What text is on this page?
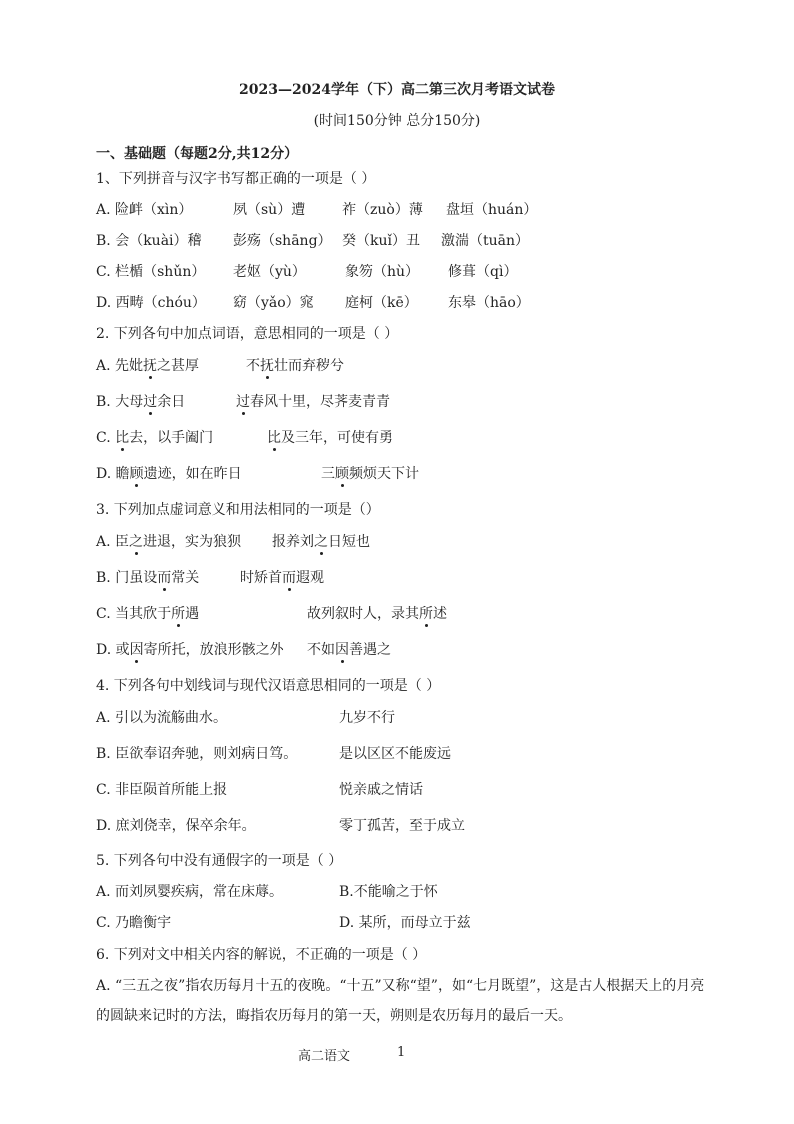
2023—2024学年（下）高二第三次月考语文试卷
(时间150分钟 总分150分)
一、基础题（每题2分,共12分）
1、下列拼音与汉字书写都正确的一项是（ ）
A. 险衅（xìn）	夙（sù）遭	祚（zuò）薄 盘垣（huán）
B. 会（kuài）稽 彭殇（shāng） 癸（kuǐ）丑 激湍（tuān）
C. 栏楯（shǔn） 老妪（yù）	象笏（hù） 修葺（qì）
D. 西畴（chóu） 窈（yǎo）窕 庭柯（kē） 东皋（hāo）
2. 下列各句中加点词语，意思相同的一项是（ ）
A. 先妣抚之甚厚	不抚壮而弃秽兮
B. 大母过余日	过春风十里，尽荠麦青青
C. 比去，以手阖门	比及三年，可使有勇
D. 瞻顾遗迹，如在昨日	三顾频烦天下计
3. 下列加点虚词意义和用法相同的一项是（）
A. 臣之进退，实为狼狈 报养刘之日短也
B. 门虽设而常关	时矫首而遐观
C. 当其欣于所遇	故列叙时人，录其所述
D. 或因寄所托，放浪形骸之外 不如因善遇之
4. 下列各句中划线词与现代汉语意思相同的一项是（ ）
A. 引以为流觞曲水。	九岁不行
B. 臣欲奉诏奔驰，则刘病日笃。	是以区区不能废远
C. 非臣陨首所能上报	悦亲戚之情话
D. 庶刘侥幸，保卒余年。	零丁孤苦，至于成立
5. 下列各句中没有通假字的一项是（ ）
A. 而刘夙婴疾病，常在床蓐。	B.不能喻之于怀
C. 乃瞻衡宇	D. 某所，而母立于兹
6. 下列对文中相关内容的解说，不正确的一项是（ ）
A. “三五之夜”指农历每月十五的夜晚。“十五”又称“望”，如“七月既望”，这是古人根据天上的月亮
的圆缺来记时的方法，晦指农历每月的第一天，朔则是农历每月的最后一天。
高二语文	1
